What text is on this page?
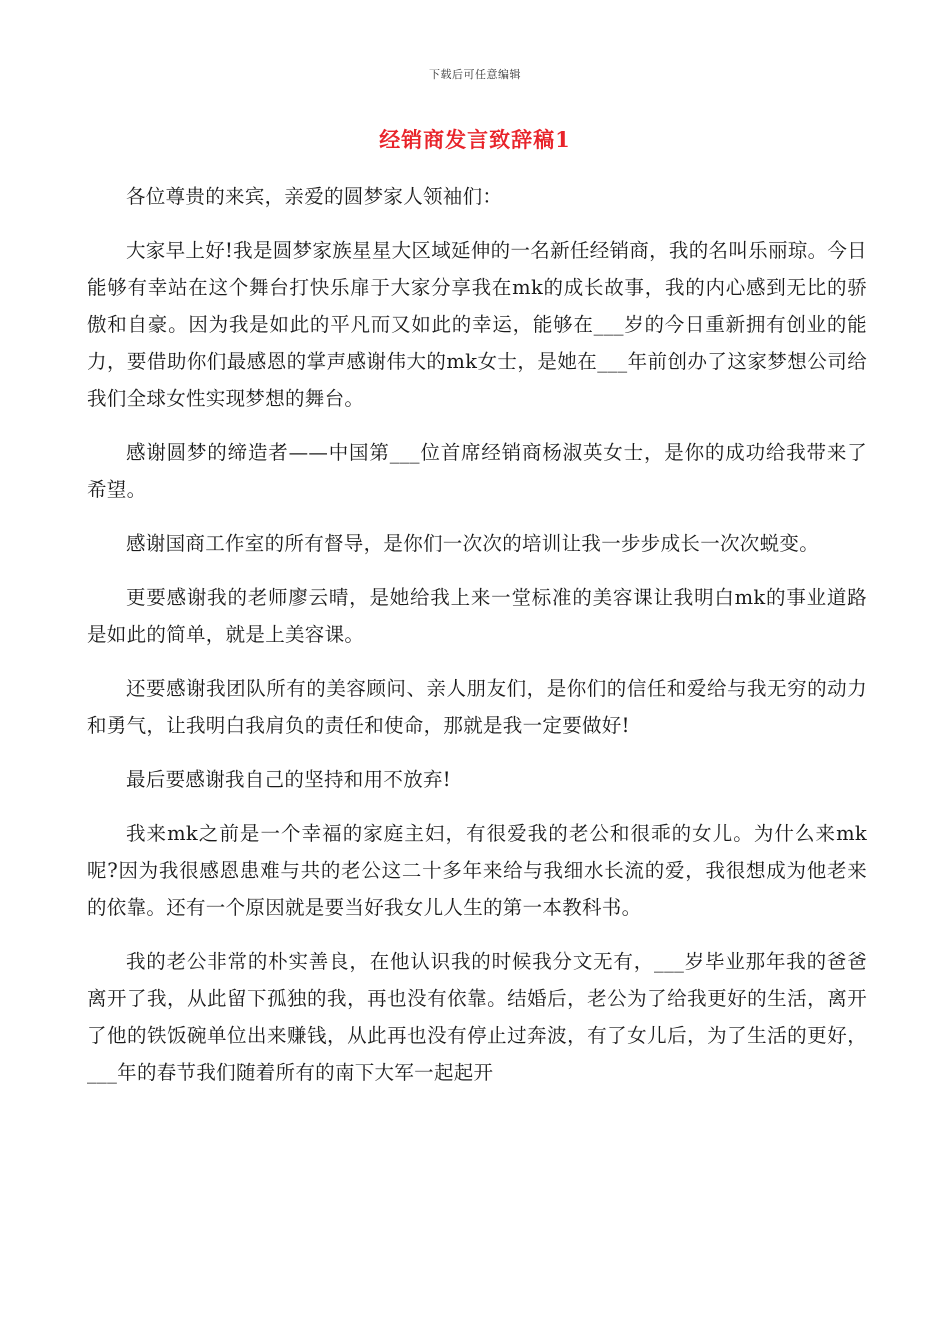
下载后可任意编辑
经销商发言致辞稿1

各位尊贵的来宾，亲爱的圆梦家人领袖们：

大家早上好!我是圆梦家族星星大区域延伸的一名新任经销商，我的名叫乐丽琼。今日能够有幸站在这个舞台打快乐扉于大家分享我在mk的成长故事，我的内心感到无比的骄傲和自豪。因为我是如此的平凡而又如此的幸运，能够在___岁的今日重新拥有创业的能力，要借助你们最感恩的掌声感谢伟大的mk女士，是她在___年前创办了这家梦想公司给我们全球女性实现梦想的舞台。

感谢圆梦的缔造者——中国第___位首席经销商杨淑英女士，是你的成功给我带来了希望。

感谢国商工作室的所有督导，是你们一次次的培训让我一步步成长一次次蜕变。

更要感谢我的老师廖云晴，是她给我上来一堂标准的美容课让我明白mk的事业道路是如此的简单，就是上美容课。

还要感谢我团队所有的美容顾问、亲人朋友们，是你们的信任和爱给与我无穷的动力和勇气，让我明白我肩负的责任和使命，那就是我一定要做好!

最后要感谢我自己的坚持和用不放弃!

我来mk之前是一个幸福的家庭主妇，有很爱我的老公和很乖的女儿。为什么来mk呢?因为我很感恩患难与共的老公这二十多年来给与我细水长流的爱，我很想成为他老来的依靠。还有一个原因就是要当好我女儿人生的第一本教科书。

我的老公非常的朴实善良，在他认识我的时候我分文无有，___岁毕业那年我的爸爸离开了我，从此留下孤独的我，再也没有依靠。结婚后，老公为了给我更好的生活，离开了他的铁饭碗单位出来赚钱，从此再也没有停止过奔波，有了女儿后，为了生活的更好，___年的春节我们随着所有的南下大军一起起开
